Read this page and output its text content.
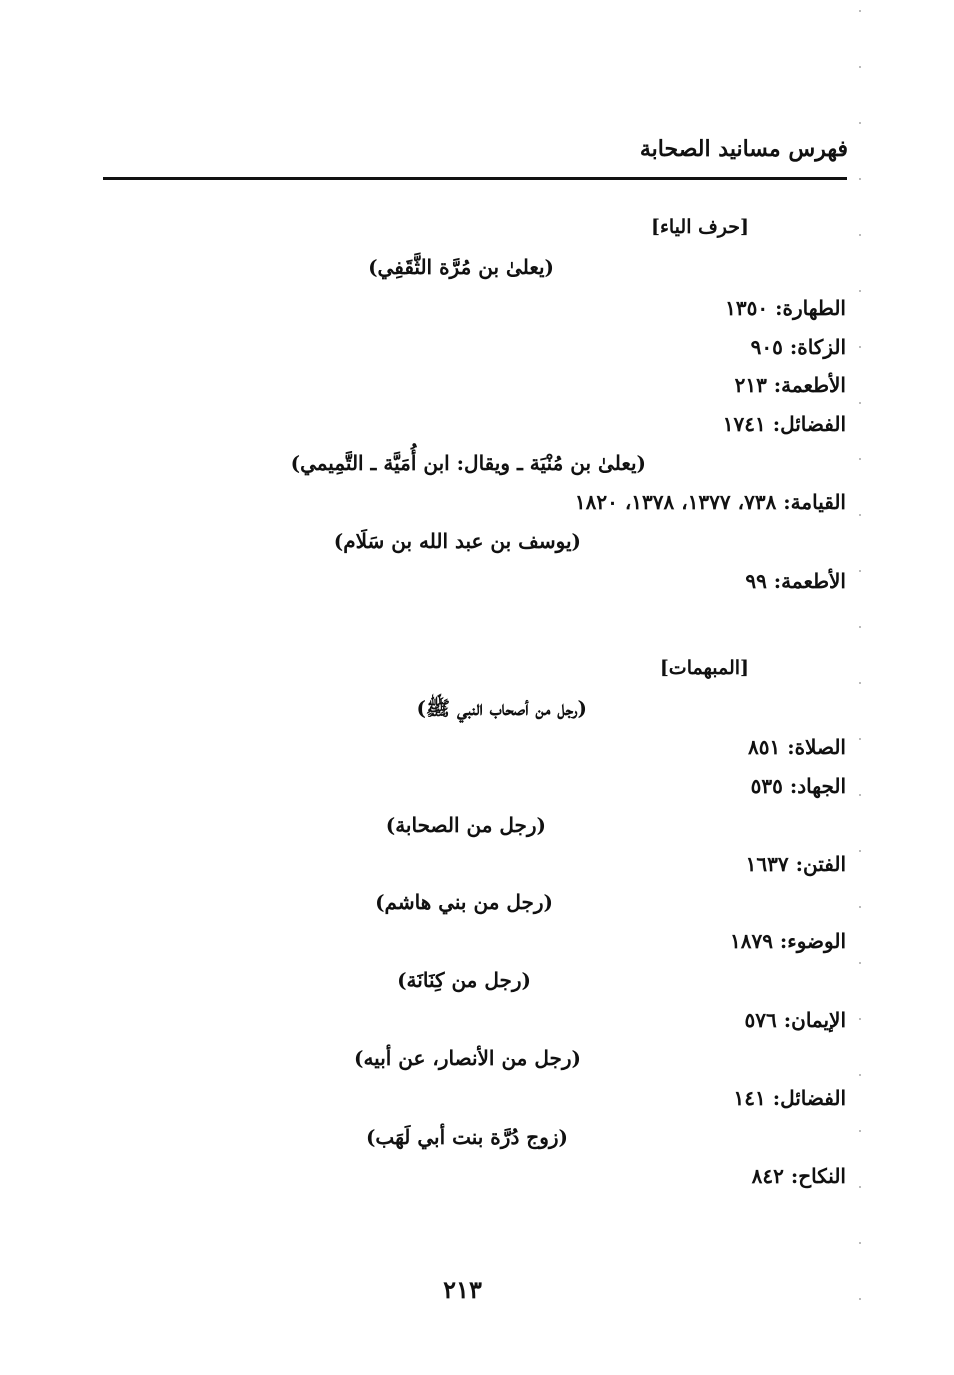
فهرس مسانيد الصحابة
[حرف الياء]
(يعلىٰ بن مُرَّة الثَّقَفِي)
الطهارة: ١٣٥٠
الزكاة: ٩٠٥
الأطعمة: ٢١٣
الفضائل: ١٧٤١
(يعلىٰ بن مُنْيَة ـ ويقال: ابن أُمَيَّة ـ التَّمِيمي)
القيامة: ٧٣٨، ١٣٧٧، ١٣٧٨، ١٨٢٠
(يوسف بن عبد الله بن سَلَام)
الأطعمة: ٩٩
[المبهمات]
(رجل من أصحاب النبي ﷺ)
الصلاة: ٨٥١
الجهاد: ٥٣٥
(رجل من الصحابة)
الفتن: ١٦٣٧
(رجل من بني هاشم)
الوضوء: ١٨٧٩
(رجل من كِنَانَة)
الإيمان: ٥٧٦
(رجل من الأنصار، عن أبيه)
الفضائل: ١٤١
(زوج دُرَّة بنت أبي لَهَب)
النكاح: ٨٤٢
٢١٣
